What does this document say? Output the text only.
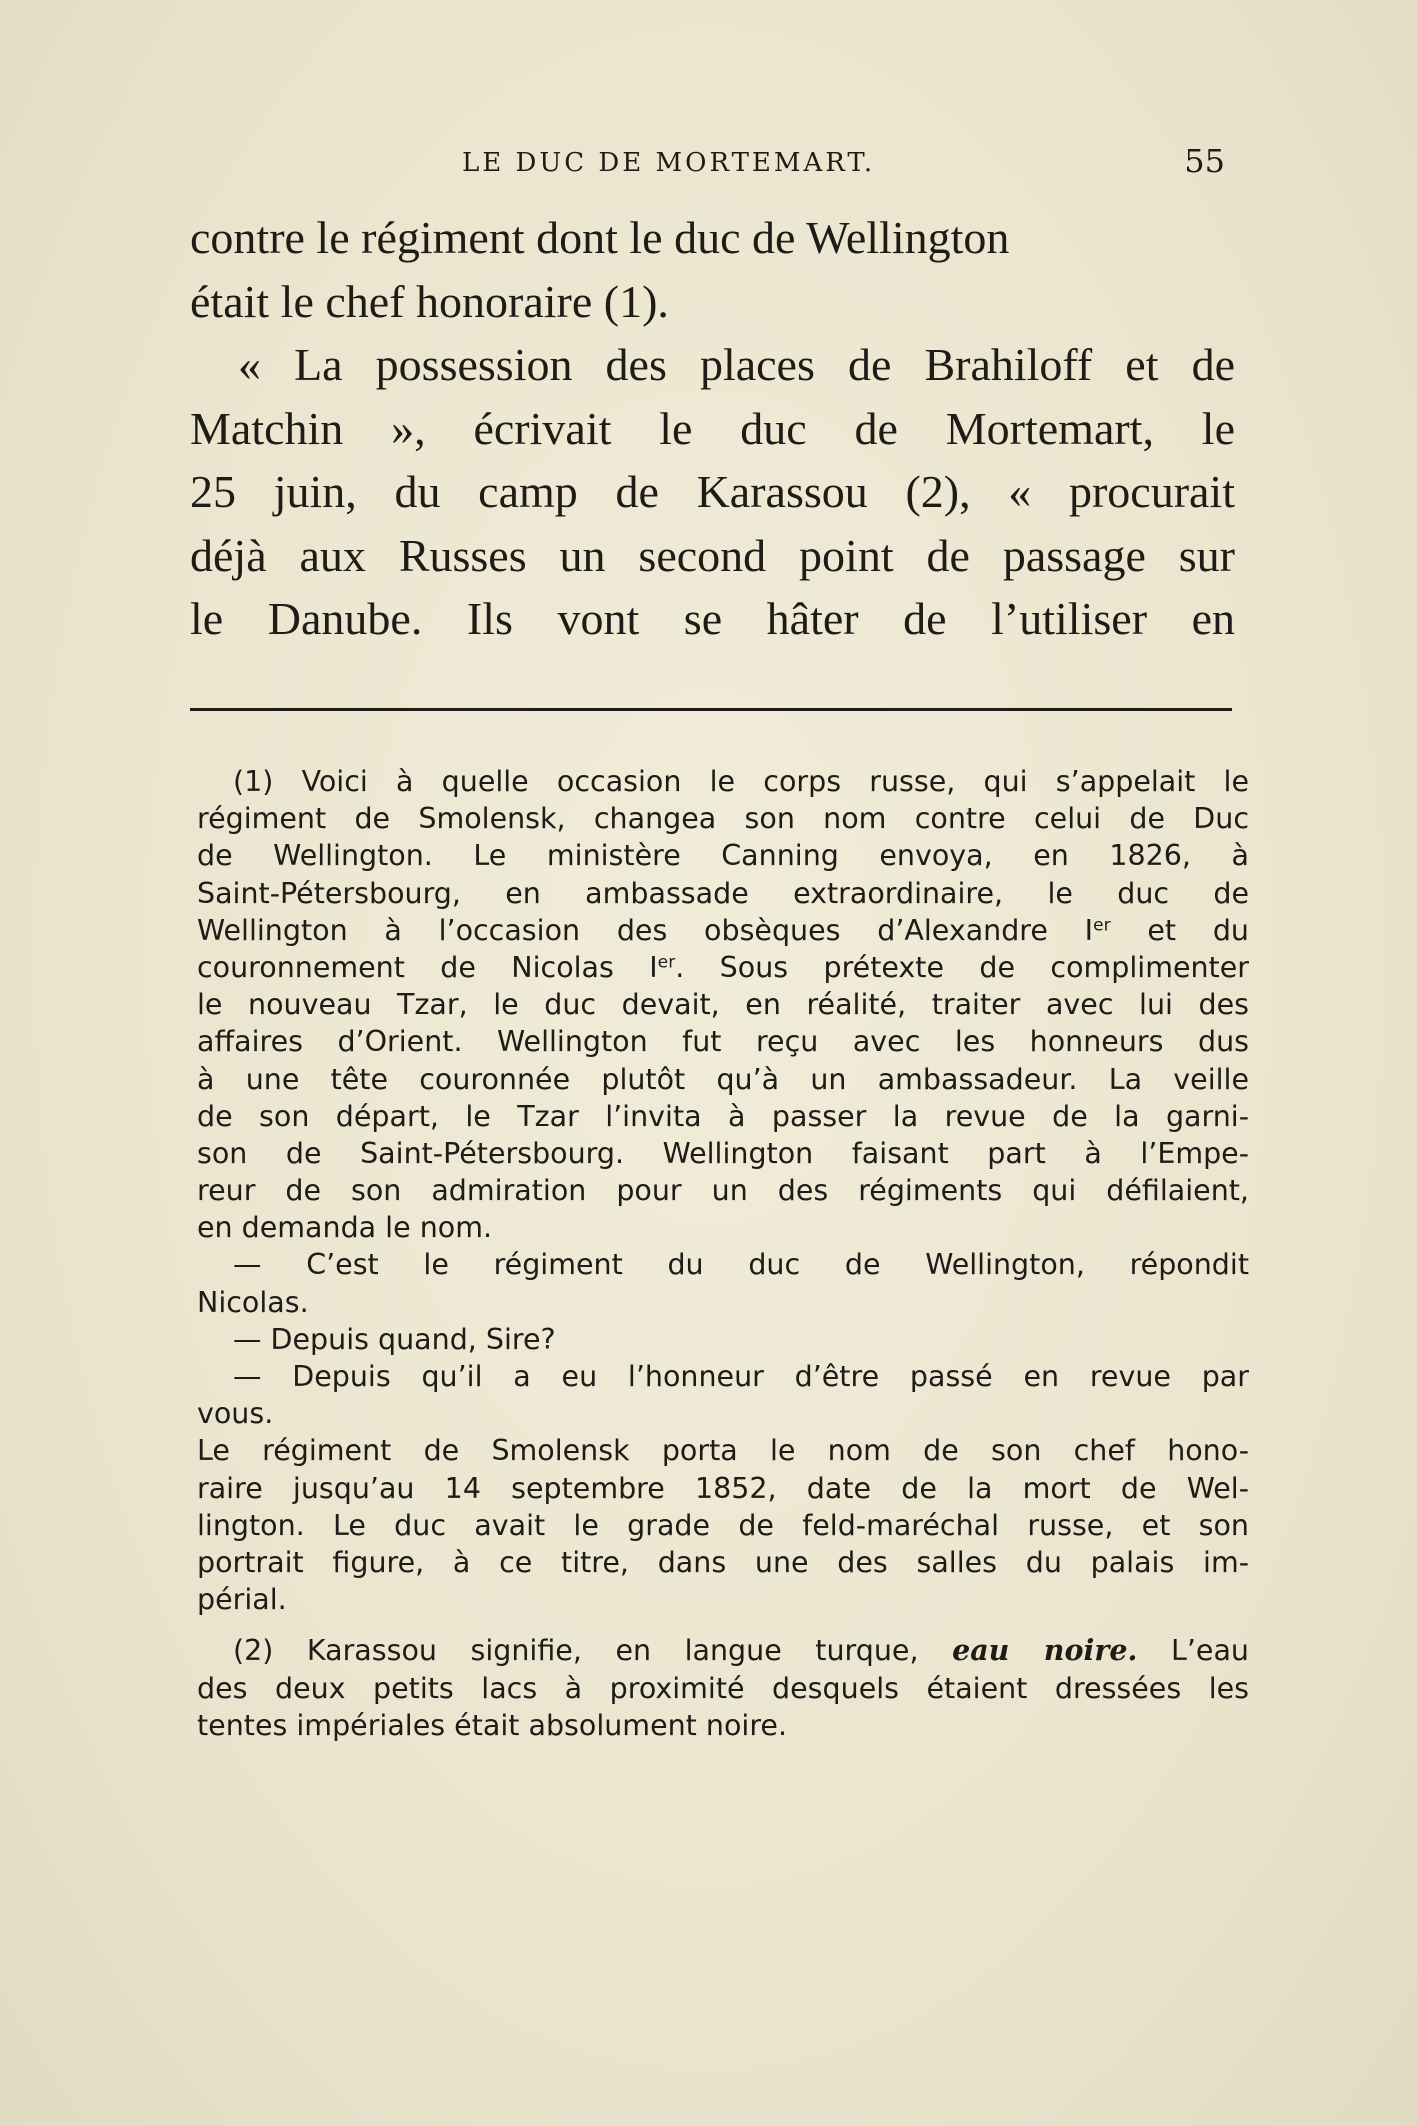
LE DUC DE MORTEMART.	55
contre le régiment dont le duc de Wellington
était le chef honoraire (1).
« La possession des places de Brahiloff et de
Matchin », écrivait le duc de Mortemart, le
25 juin, du camp de Karassou (2), « procurait
déjà aux Russes un second point de passage sur
le Danube. Ils vont se hâter de l’utiliser en
(1) Voici à quelle occasion le corps russe, qui s’appelait le
régiment de Smolensk, changea son nom contre celui de Duc
de Wellington. Le ministère Canning envoya, en 1826, à
Saint-Pétersbourg, en ambassade extraordinaire, le duc de
Wellington à l’occasion des obsèques d’Alexandre Ier et du
couronnement de Nicolas Ier. Sous prétexte de complimenter
le nouveau Tzar, le duc devait, en réalité, traiter avec lui des
affaires d’Orient. Wellington fut reçu avec les honneurs dus
à une tête couronnée plutôt qu’à un ambassadeur. La veille
de son départ, le Tzar l’invita à passer la revue de la garni-
son de Saint-Pétersbourg. Wellington faisant part à l’Empe-
reur de son admiration pour un des régiments qui défilaient,
en demanda le nom.
— C’est le régiment du duc de Wellington, répondit
Nicolas.
— Depuis quand, Sire?
— Depuis qu’il a eu l’honneur d’être passé en revue par
vous.
Le régiment de Smolensk porta le nom de son chef hono-
raire jusqu’au 14 septembre 1852, date de la mort de Wel-
lington. Le duc avait le grade de feld-maréchal russe, et son
portrait figure, à ce titre, dans une des salles du palais im-
périal.
(2) Karassou signifie, en langue turque, eau noire. L’eau
des deux petits lacs à proximité desquels étaient dressées les
tentes impériales était absolument noire.
